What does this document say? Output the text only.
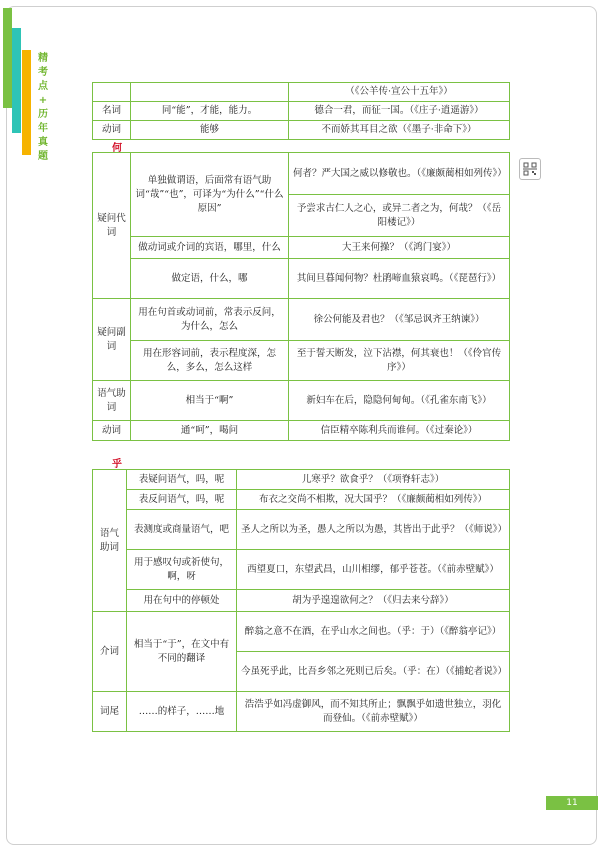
精
考
点
+
历
年
真
题
		（《公羊传·宣公十五年》）
名词	同“能”，才能，能力。	德合一君，而征一国。（《庄子·逍遥游》）
动词	能够	不而娇其耳目之欲（《墨子·非命下》）
何
疑问代词	单独做谓语，后面常有语气助词“哉”“也”，可译为“为什么”“什么原因”	何者？严大国之威以修敬也。（《廉颇蔺相如列传》）
		予尝求古仁人之心，或异二者之为，何哉？（《岳阳楼记》）
	做动词或介词的宾语，哪里，什么	大王来何操？（《鸿门宴》）
	做定语，什么，哪	其间旦暮闻何物？杜鹃啼血猿哀鸣。（《琵琶行》）
疑问副词	用在句首或动词前，常表示反问，为什么，怎么	徐公何能及君也？（《邹忌讽齐王纳谏》）
	用在形容词前，表示程度深，怎么，多么，怎么这样	至于誓天断发，泣下沾襟，何其衰也！（《伶官传序》）
语气助词	相当于“啊”	新妇车在后，隐隐何甸甸。（《孔雀东南飞》）
动词	通“呵”，喝问	信臣精卒陈利兵而谁何。（《过秦论》）
乎
语气助词	表疑问语气，吗，呢	儿寒乎？欲食乎？（《项脊轩志》）
	表反问语气，吗，呢	布衣之交尚不相欺，况大国乎？（《廉颇蔺相如列传》）
	表测度或商量语气，吧	圣人之所以为圣，愚人之所以为愚，其皆出于此乎？（《师说》）
	用于感叹句或祈使句，啊，呀	西望夏口，东望武昌，山川相缪，郁乎苍苍。（《前赤壁赋》）
	用在句中的停顿处	胡为乎遑遑欲何之？（《归去来兮辞》）
介词	相当于“于”，在文中有不同的翻译	醉翁之意不在酒，在乎山水之间也。（乎：于）（《醉翁亭记》）
		今虽死乎此，比吾乡邻之死则已后矣。（乎：在）（《捕蛇者说》）
词尾	……的样子，……地	浩浩乎如冯虚御风，而不知其所止；飘飘乎如遗世独立，羽化而登仙。（《前赤壁赋》）
11
